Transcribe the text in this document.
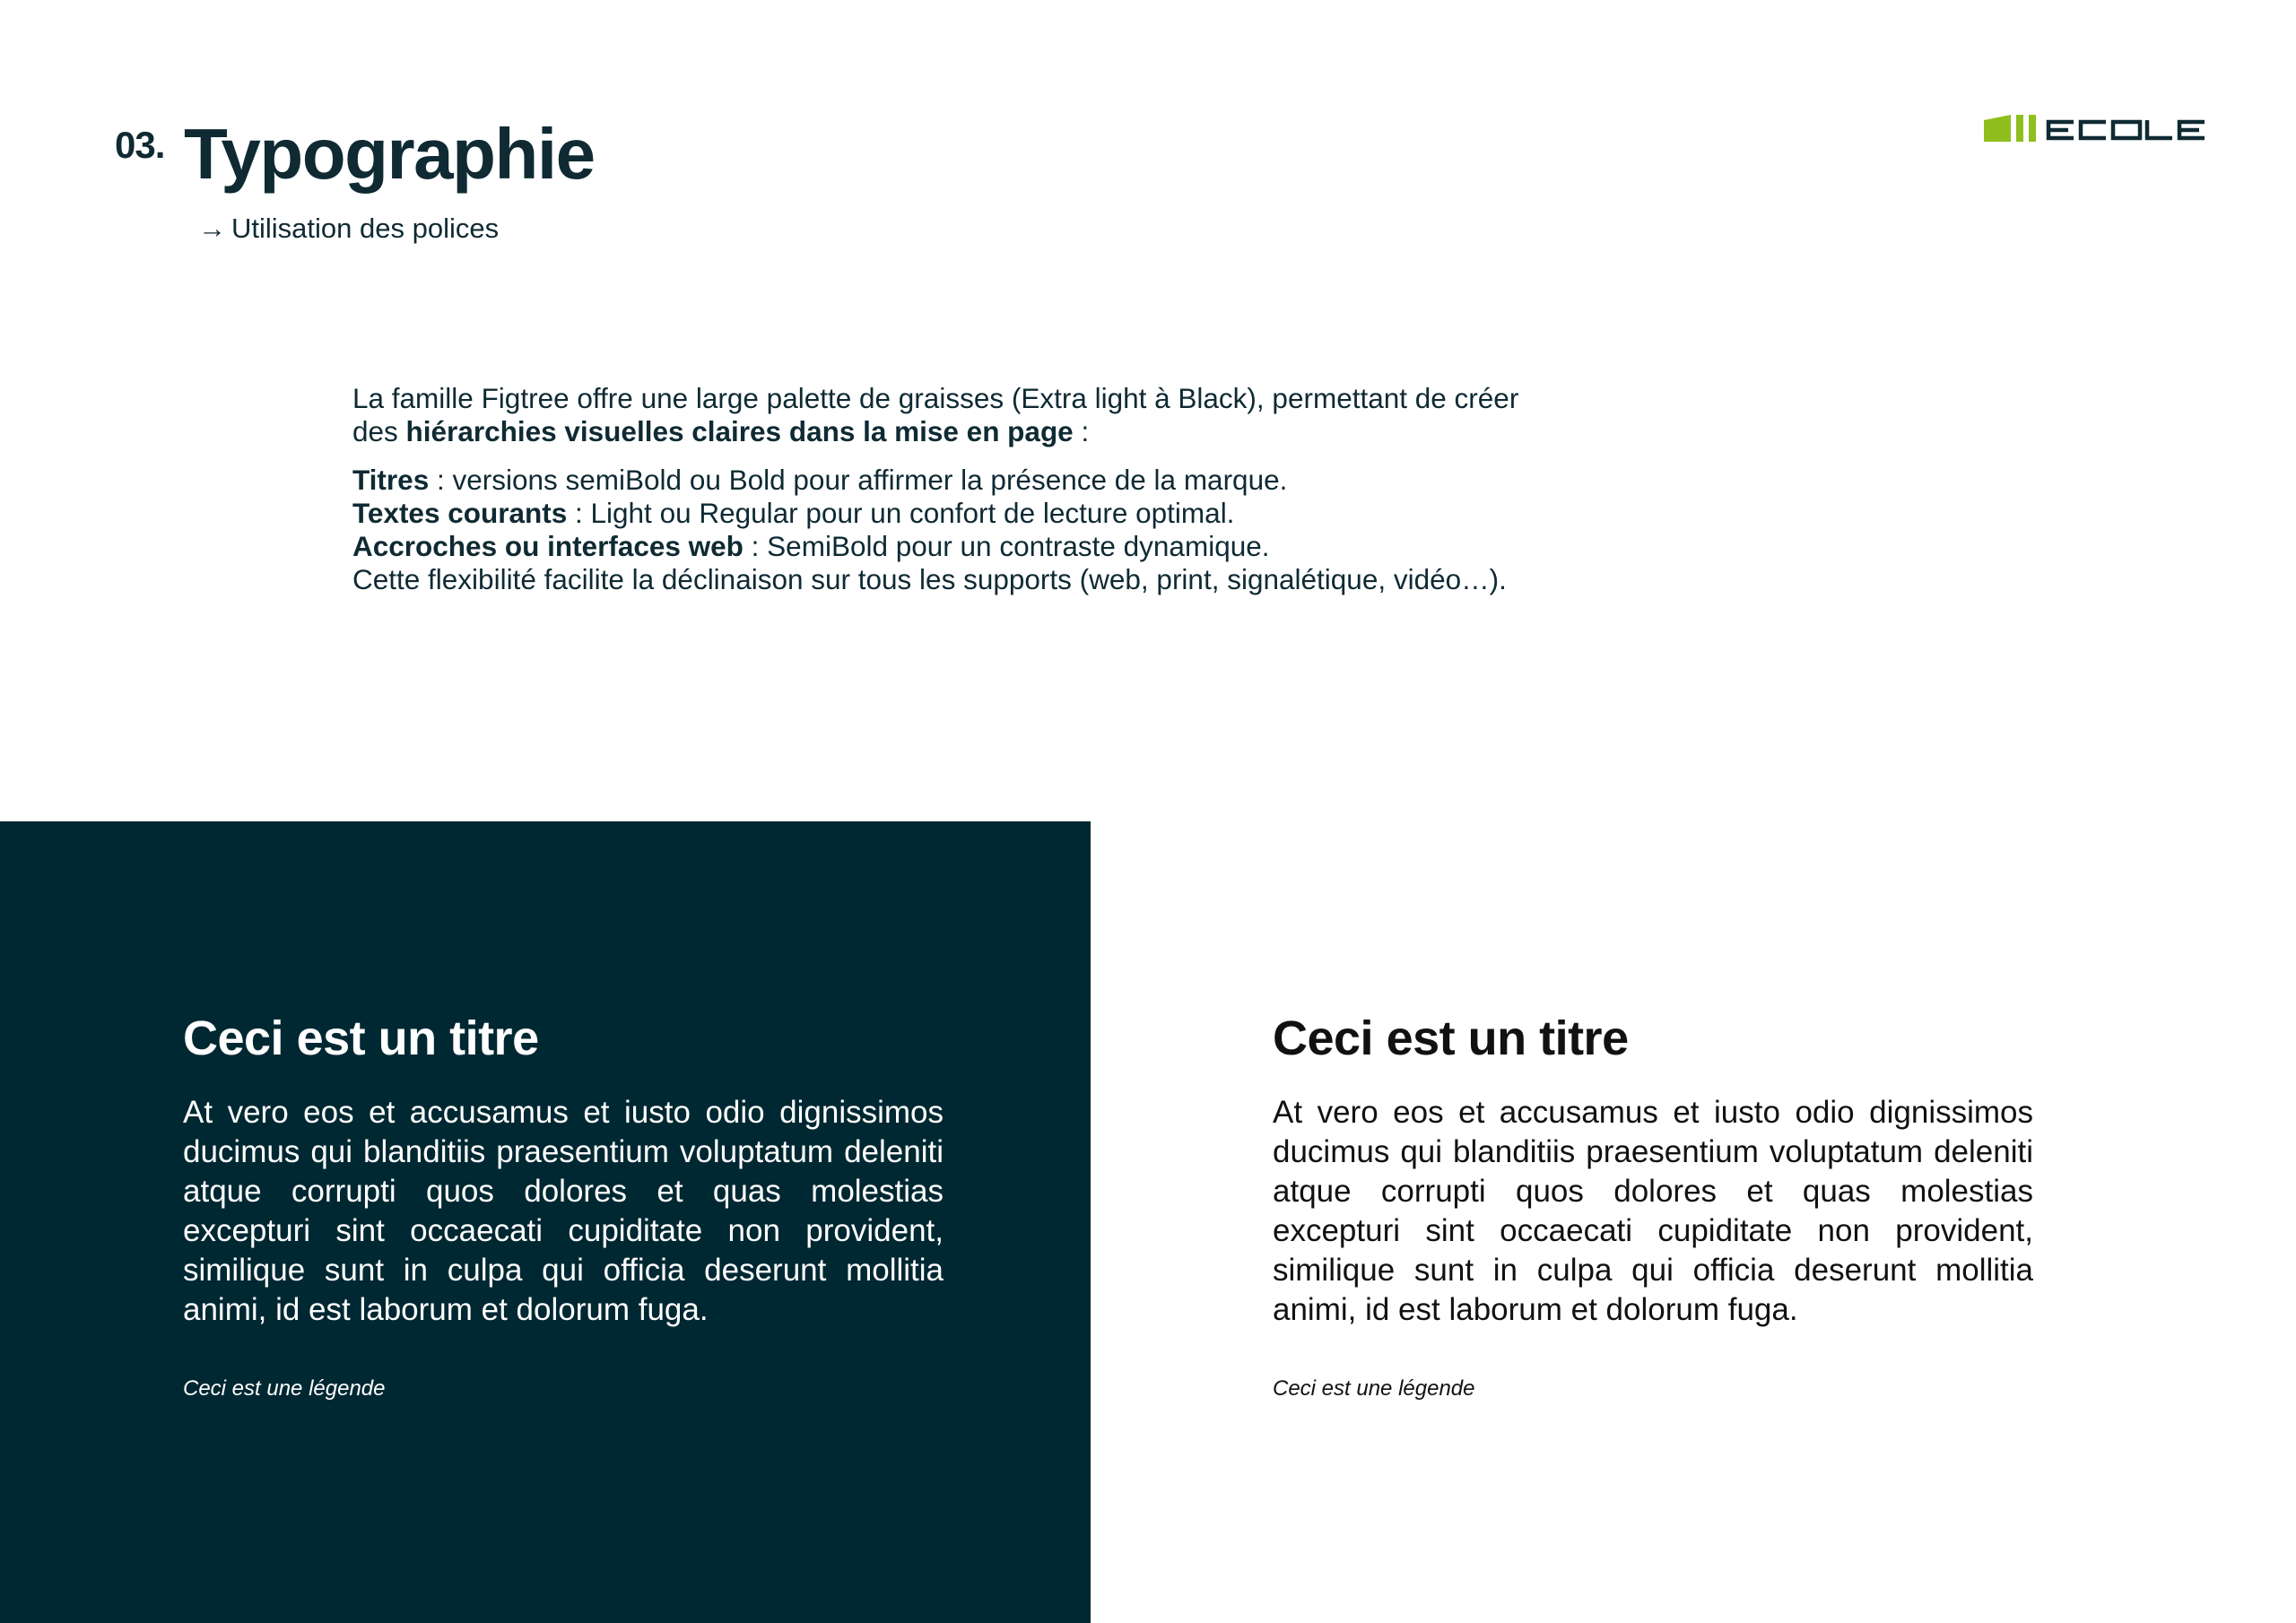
03. Typographie
→ Utilisation des polices

La famille Figtree offre une large palette de graisses (Extra light à Black), permettant de créer
des hiérarchies visuelles claires dans la mise en page :

Titres : versions semiBold ou Bold pour affirmer la présence de la marque.
Textes courants : Light ou Regular pour un confort de lecture optimal.
Accroches ou interfaces web : SemiBold pour un contraste dynamique.
Cette flexibilité facilite la déclinaison sur tous les supports (web, print, signalétique, vidéo…).

Ceci est un titre

At vero eos et accusamus et iusto odio dignissimos ducimus qui blanditiis praesentium voluptatum deleniti atque corrupti quos dolores et quas molestias excepturi sint occaecati cupiditate non provident, similique sunt in culpa qui officia deserunt mollitia animi, id est laborum et dolorum fuga.

Ceci est une légende

Ceci est un titre

At vero eos et accusamus et iusto odio dignissimos ducimus qui blanditiis praesentium voluptatum deleniti atque corrupti quos dolores et quas molestias excepturi sint occaecati cupiditate non provident, similique sunt in culpa qui officia deserunt mollitia animi, id est laborum et dolorum fuga.

Ceci est une légende
